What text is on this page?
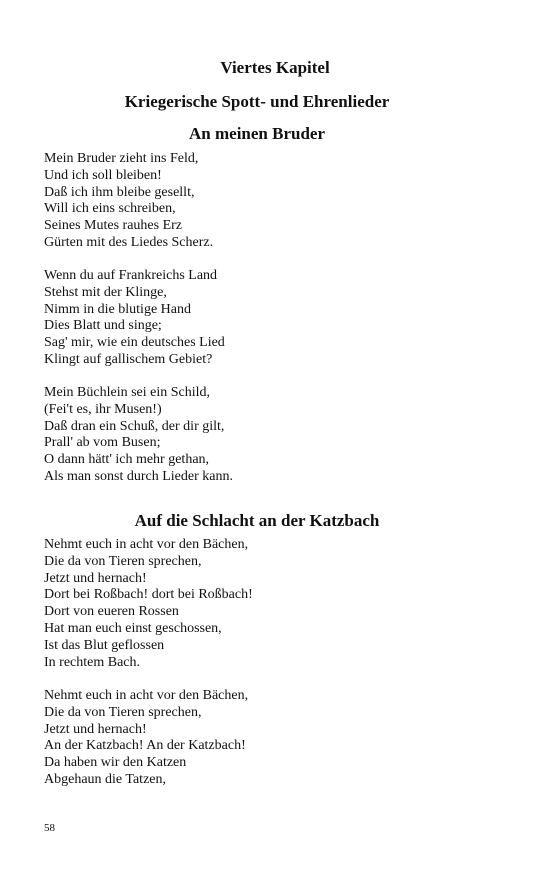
Viertes Kapitel
Kriegerische Spott- und Ehrenlieder
An meinen Bruder
Mein Bruder zieht ins Feld,
Und ich soll bleiben!
Daß ich ihm bleibe gesellt,
Will ich eins schreiben,
Seines Mutes rauhes Erz
Gürten mit des Liedes Scherz.
Wenn du auf Frankreichs Land
Stehst mit der Klinge,
Nimm in die blutige Hand
Dies Blatt und singe;
Sag' mir, wie ein deutsches Lied
Klingt auf gallischem Gebiet?
Mein Büchlein sei ein Schild,
(Fei't es, ihr Musen!)
Daß dran ein Schuß, der dir gilt,
Prall' ab vom Busen;
O dann hätt' ich mehr gethan,
Als man sonst durch Lieder kann.
Auf die Schlacht an der Katzbach
Nehmt euch in acht vor den Bächen,
Die da von Tieren sprechen,
Jetzt und hernach!
Dort bei Roßbach! dort bei Roßbach!
Dort von eueren Rossen
Hat man euch einst geschossen,
Ist das Blut geflossen
In rechtem Bach.
Nehmt euch in acht vor den Bächen,
Die da von Tieren sprechen,
Jetzt und hernach!
An der Katzbach! An der Katzbach!
Da haben wir den Katzen
Abgehaun die Tatzen,
58
